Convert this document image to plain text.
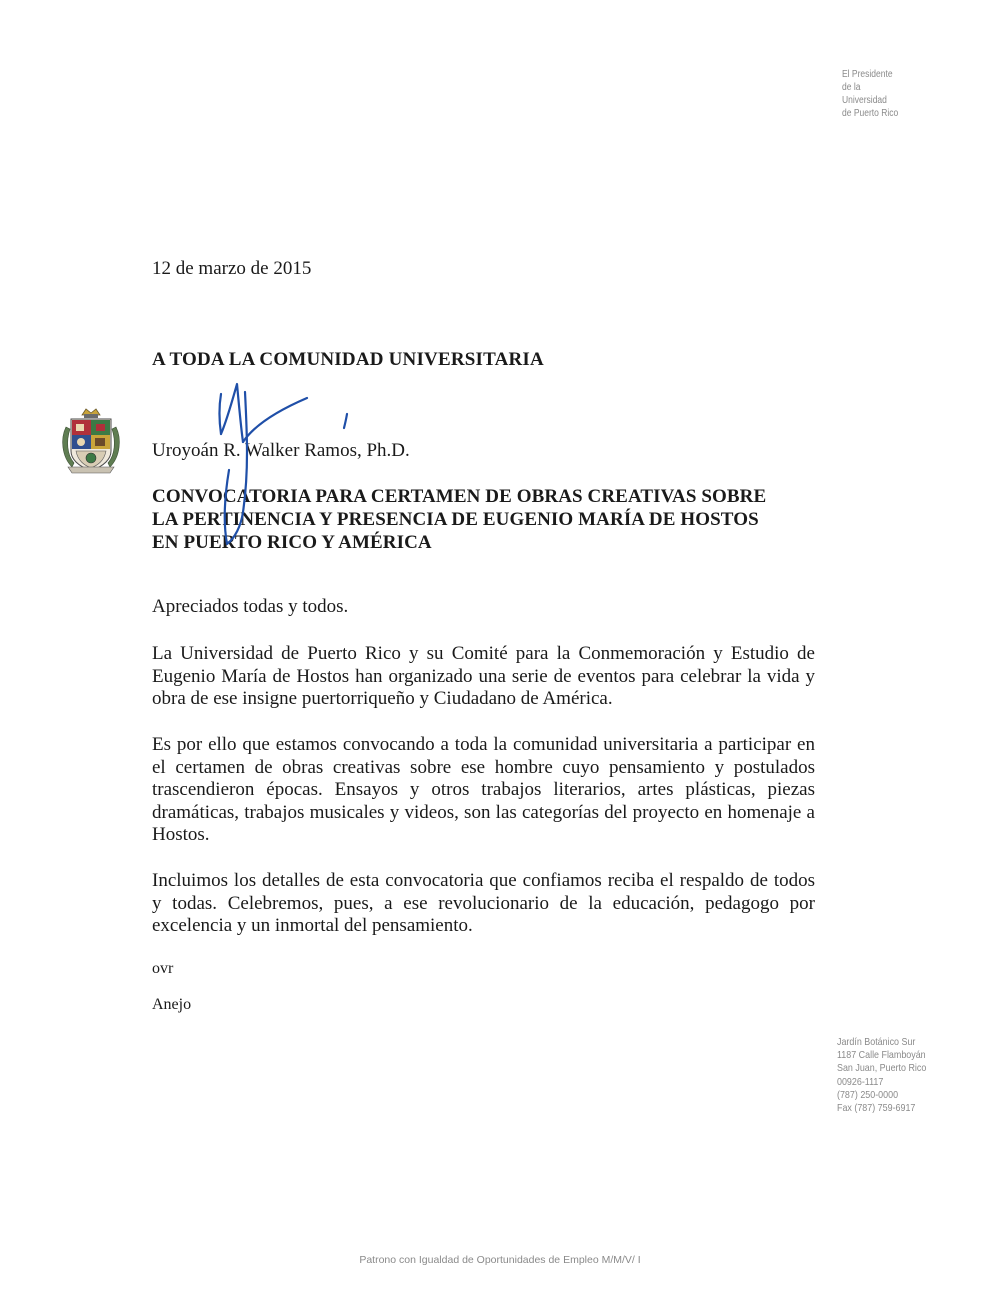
El Presidente
de la
Universidad
de Puerto Rico
12 de marzo de 2015
A TODA LA COMUNIDAD UNIVERSITARIA
Uroyoán R. Walker Ramos, Ph.D.
CONVOCATORIA PARA CERTAMEN DE OBRAS CREATIVAS SOBRE
LA PERTINENCIA Y PRESENCIA DE EUGENIO MARÍA DE HOSTOS
EN PUERTO RICO Y AMÉRICA
Apreciados todas y todos.
La Universidad de Puerto Rico y su Comité para la Conmemoración y Estudio de Eugenio María de Hostos han organizado una serie de eventos para celebrar la vida y obra de ese insigne puertorriqueño y Ciudadano de América.
Es por ello que estamos convocando a toda la comunidad universitaria a participar en el certamen de obras creativas sobre ese hombre cuyo pensamiento y postulados trascendieron épocas. Ensayos y otros trabajos literarios, artes plásticas, piezas dramáticas, trabajos musicales y videos, son las categorías del proyecto en homenaje a Hostos.
Incluimos los detalles de esta convocatoria que confiamos reciba el respaldo de todos y todas. Celebremos, pues, a ese revolucionario de la educación, pedagogo por excelencia y un inmortal del pensamiento.
ovr
Anejo
Jardín Botánico Sur
1187 Calle Flamboyán
San Juan, Puerto Rico
00926-1117
(787) 250-0000
Fax (787) 759-6917
Patrono con Igualdad de Oportunidades de Empleo M/M/V/ I
